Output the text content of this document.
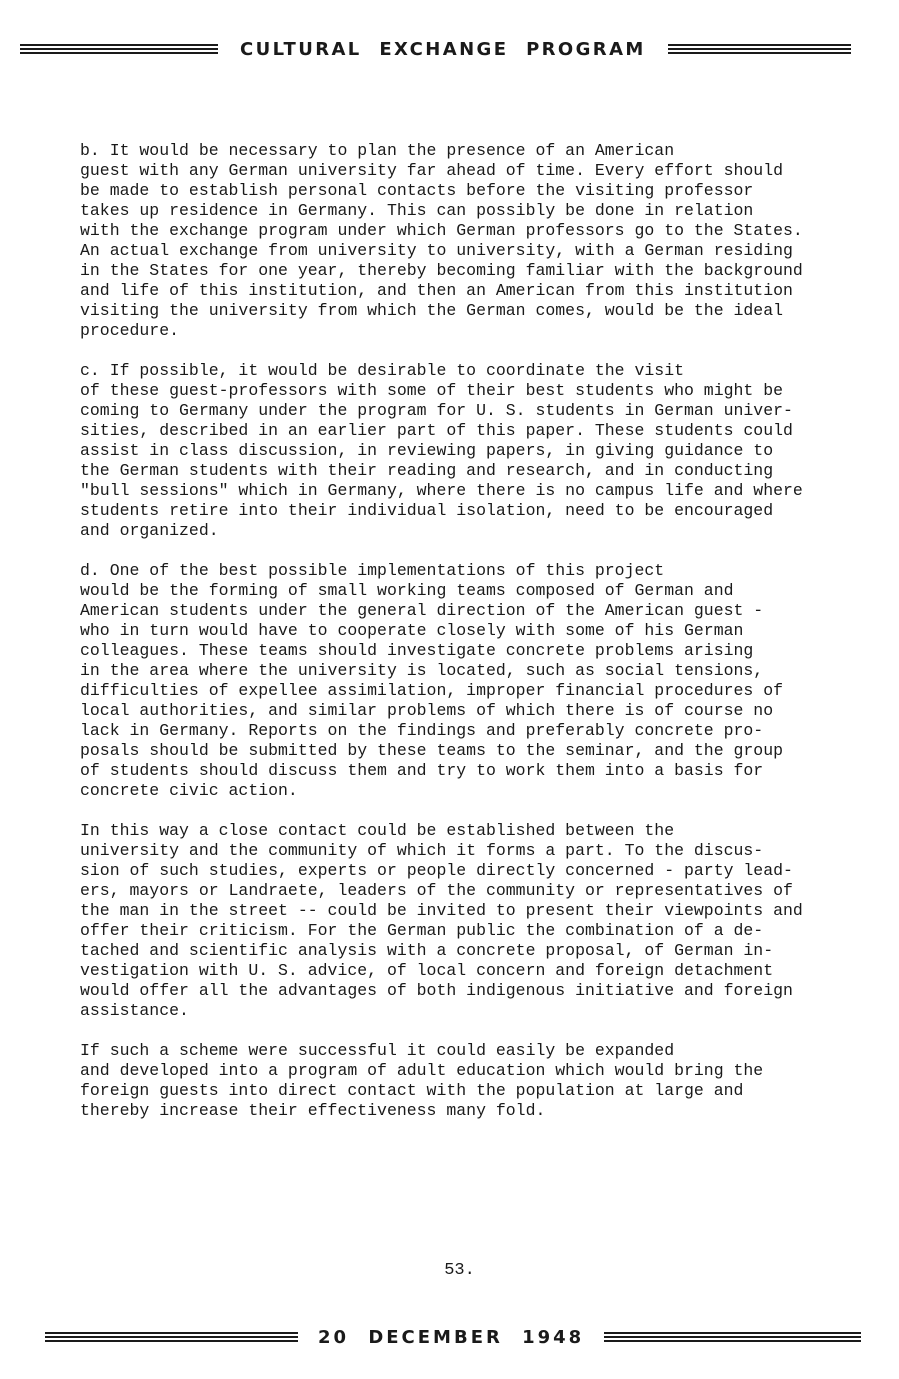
CULTURAL EXCHANGE PROGRAM

b. It would be necessary to plan the presence of an American
guest with any German university far ahead of time. Every effort should
be made to establish personal contacts before the visiting professor
takes up residence in Germany. This can possibly be done in relation
with the exchange program under which German professors go to the States.
An actual exchange from university to university, with a German residing
in the States for one year, thereby becoming familiar with the background
and life of this institution, and then an American from this institution
visiting the university from which the German comes, would be the ideal
procedure.

c. If possible, it would be desirable to coordinate the visit
of these guest-professors with some of their best students who might be
coming to Germany under the program for U. S. students in German univer-
sities, described in an earlier part of this paper. These students could
assist in class discussion, in reviewing papers, in giving guidance to
the German students with their reading and research, and in conducting
"bull sessions" which in Germany, where there is no campus life and where
students retire into their individual isolation, need to be encouraged
and organized.

d. One of the best possible implementations of this project
would be the forming of small working teams composed of German and
American students under the general direction of the American guest -
who in turn would have to cooperate closely with some of his German
colleagues. These teams should investigate concrete problems arising
in the area where the university is located, such as social tensions,
difficulties of expellee assimilation, improper financial procedures of
local authorities, and similar problems of which there is of course no
lack in Germany. Reports on the findings and preferably concrete pro-
posals should be submitted by these teams to the seminar, and the group
of students should discuss them and try to work them into a basis for
concrete civic action.

In this way a close contact could be established between the
university and the community of which it forms a part. To the discus-
sion of such studies, experts or people directly concerned - party lead-
ers, mayors or Landraete, leaders of the community or representatives of
the man in the street -- could be invited to present their viewpoints and
offer their criticism. For the German public the combination of a de-
tached and scientific analysis with a concrete proposal, of German in-
vestigation with U. S. advice, of local concern and foreign detachment
would offer all the advantages of both indigenous initiative and foreign
assistance.

If such a scheme were successful it could easily be expanded
and developed into a program of adult education which would bring the
foreign guests into direct contact with the population at large and
thereby increase their effectiveness many fold.

53.
20 DECEMBER 1948
